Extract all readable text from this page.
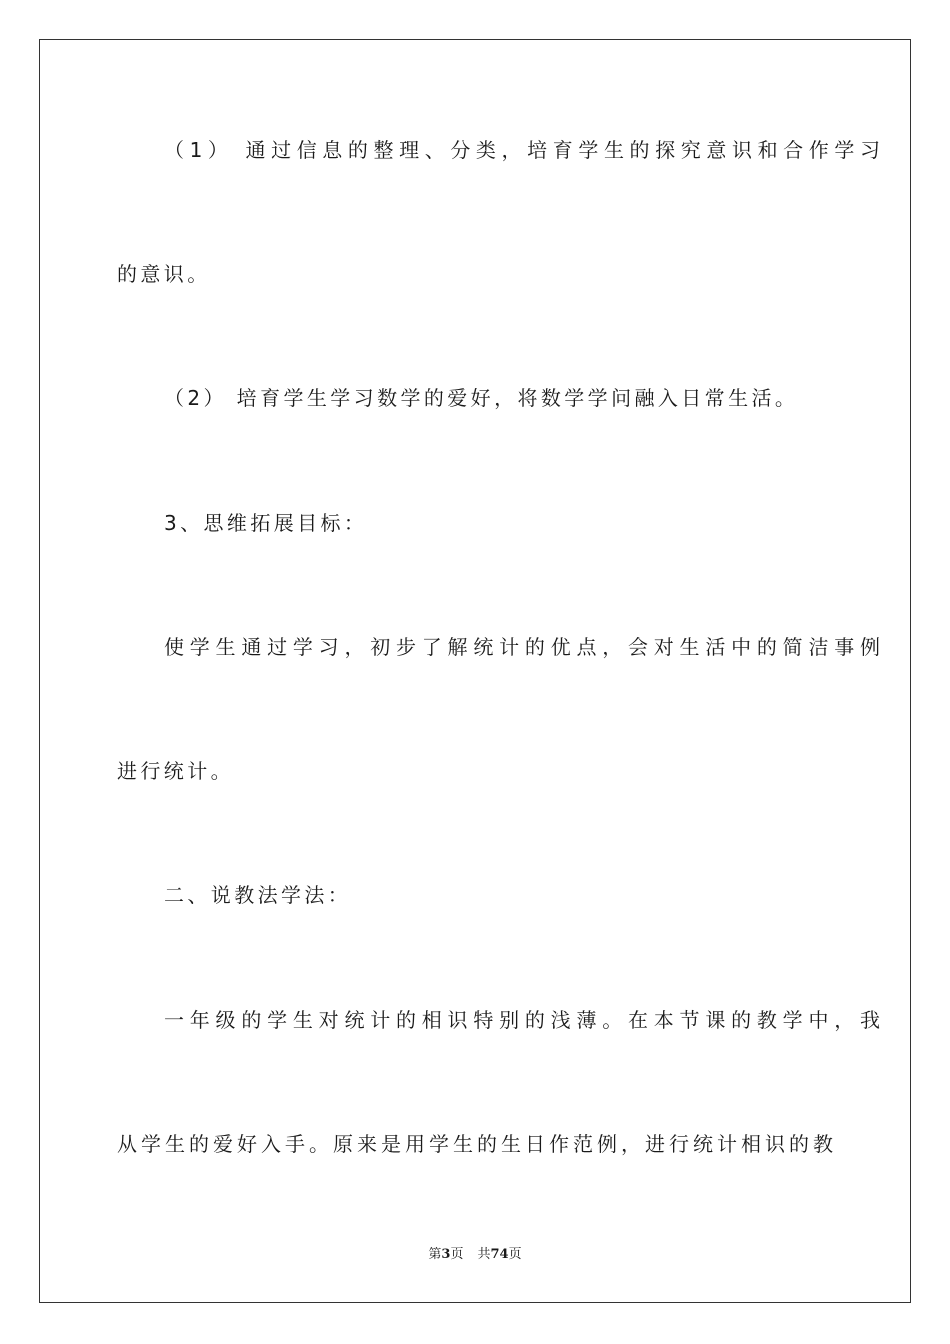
（1） 通过信息的整理、分类，培育学生的探究意识和合作学习
的意识。
（2） 培育学生学习数学的爱好，将数学学问融入日常生活。
3、思维拓展目标：
使学生通过学习，初步了解统计的优点，会对生活中的简洁事例
进行统计。
二、说教法学法：
一年级的学生对统计的相识特别的浅薄。在本节课的教学中，我
从学生的爱好入手。原来是用学生的生日作范例，进行统计相识的教
第3页 共74页
